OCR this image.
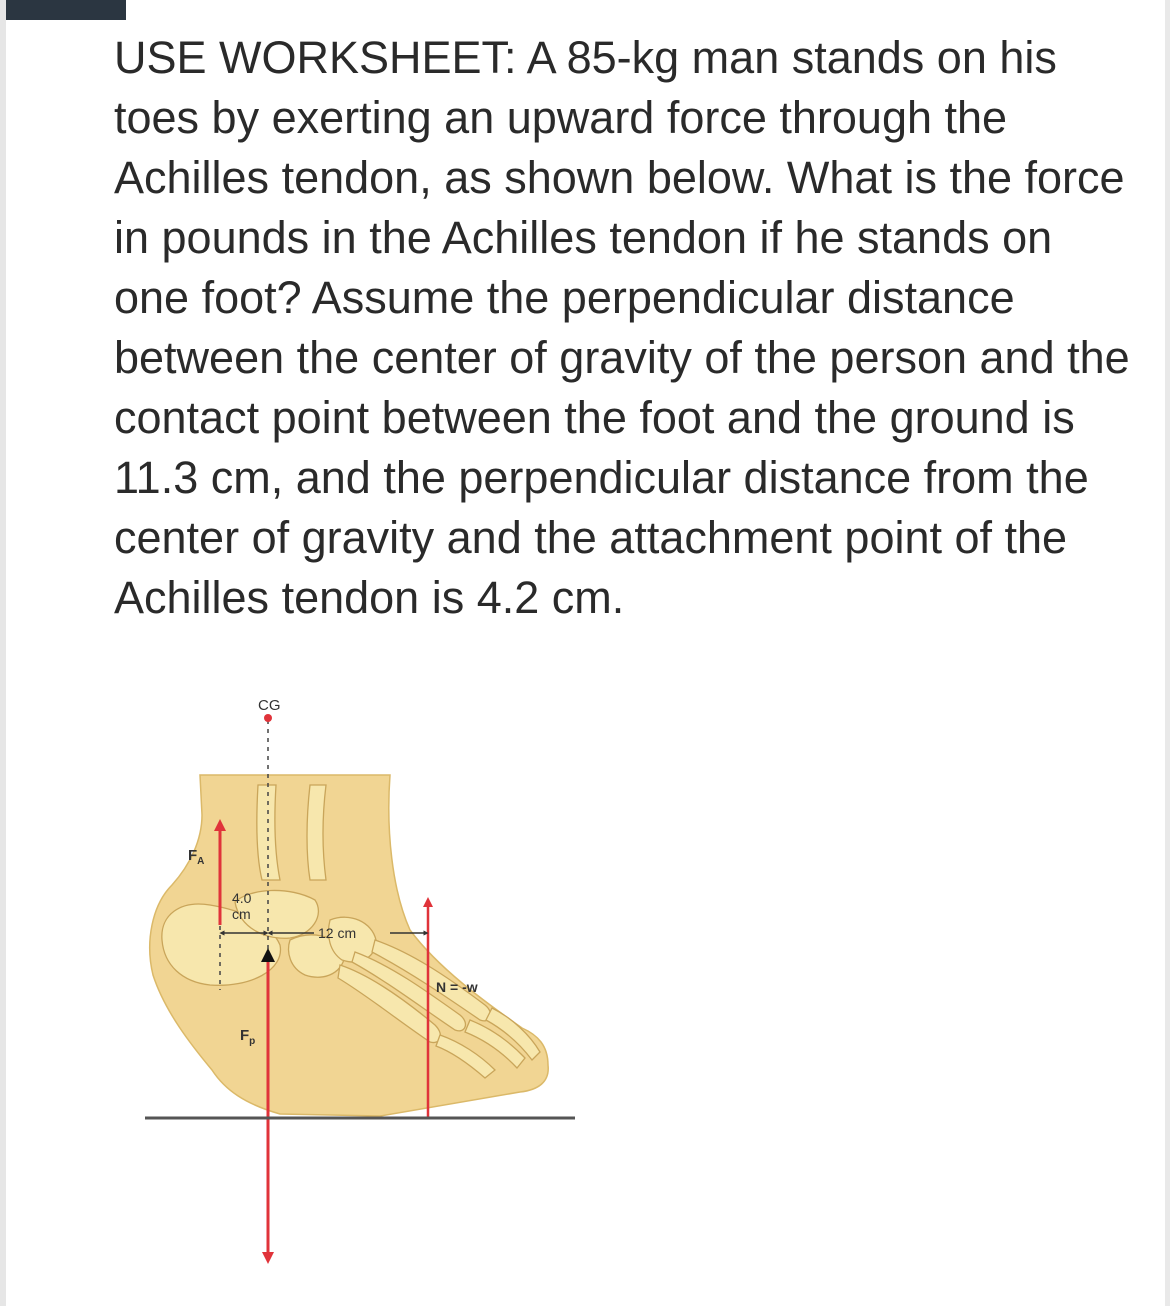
USE WORKSHEET: A 85-kg man stands on his toes by exerting an upward force through the Achilles tendon, as shown below. What is the force in pounds in the Achilles tendon if he stands on one foot? Assume the perpendicular distance between the center of gravity of the person and the contact point between the foot and the ground is 11.3 cm, and the perpendicular distance from the center of gravity and the attachment point of the Achilles tendon is 4.2 cm.

CG
$F_A$
$F_p$
N = -w
4.0
cm
12 cm
